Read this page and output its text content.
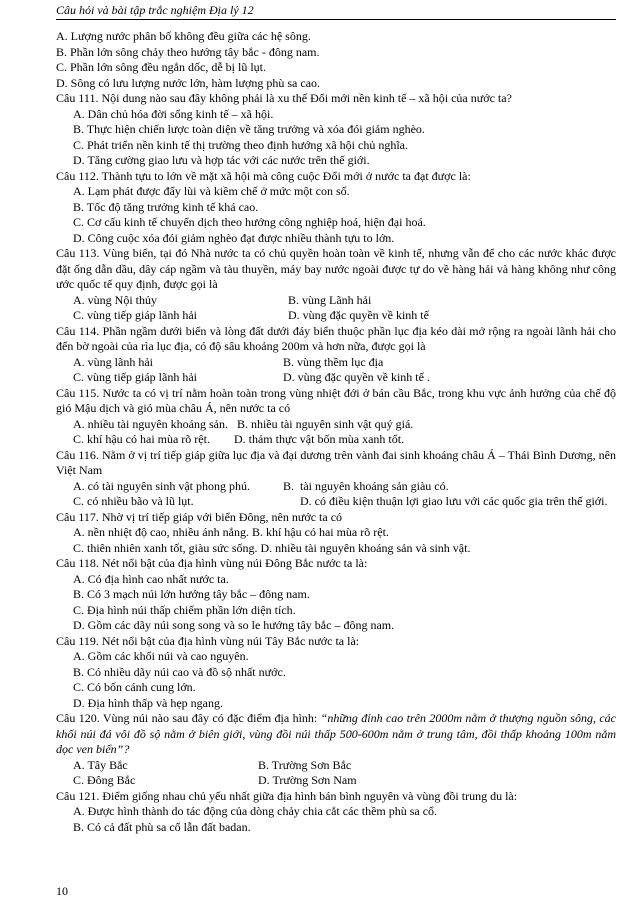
Câu hỏi và bài tập trắc nghiệm Địa lý 12
A. Lượng nước phân bố không đều giữa các hệ sông.
B. Phần lớn sông chảy theo hướng tây bắc - đông nam.
C. Phần lớn sông đều ngắn dốc, dễ bị lũ lụt.
D. Sông có lưu lượng nước lớn, hàm lượng phù sa cao.
Câu 111. Nội dung nào sau đây không phải là xu thế Đổi mới nền kinh tế – xã hội của nước ta?
A. Dân chủ hóa đời sống kinh tế – xã hội.
B. Thực hiện chiến lược toàn diện về tăng trưởng và xóa đói giảm nghèo.
C. Phát triển nền kinh tế thị trường theo định hướng xã hội chủ nghĩa.
D. Tăng cường giao lưu và hợp tác với các nước trên thế giới.
Câu 112. Thành tựu to lớn về mặt xã hội mà công cuộc Đổi mới ở nước ta đạt được là:
A. Lạm phát được đẩy lùi và kiềm chế ở mức một con số.
B. Tốc độ tăng trưởng kinh tế khá cao.
C. Cơ cấu kinh tế chuyển dịch theo hướng công nghiệp hoá, hiện đại hoá.
D. Công cuộc xóa đói giảm nghèo đạt được nhiều thành tựu to lớn.
Câu 113. Vùng biển, tại đó Nhà nước ta có chủ quyền hoàn toàn về kinh tế, nhưng vẫn để cho các nước khác được đặt ống dẫn dầu, dây cáp ngầm và tàu thuyền, máy bay nước ngoài được tự do về hàng hải và hàng không như công ước quốc tế quy định, được gọi là
A. vùng Nội thủy	B. vùng Lãnh hải
C. vùng tiếp giáp lãnh hải	D. vùng đặc quyền về kinh tế
Câu 114. Phần ngầm dưới biển và lòng đất dưới đáy biển thuộc phần lục địa kéo dài mở rộng ra ngoài lãnh hải cho đến bờ ngoài của rìa lục địa, có độ sâu khoảng 200m và hơn nữa, được gọi là
A. vùng lãnh hải	B. vùng thềm lục địa
C. vùng tiếp giáp lãnh hải	D. vùng đặc quyền về kinh tế .
Câu 115. Nước ta có vị trí nằm hoàn toàn trong vùng nhiệt đới ở bán cầu Bắc, trong khu vực ảnh hưởng của chế độ gió Mậu dịch và gió mùa châu Á, nên nước ta có
A. nhiều tài nguyên khoáng sản.   B. nhiều tài nguyên sinh vật quý giá.
C. khí hậu có hai mùa rõ rệt.        D. thảm thực vật bốn mùa xanh tốt.
Câu 116. Nằm ở vị trí tiếp giáp giữa lục địa và đại dương trên vành đai sinh khoáng châu Á – Thái Bình Dương, nên Việt Nam
A. có tài nguyên sinh vật phong phú.	B.  tài nguyên khoáng sản giàu có.
C. có nhiều bão và lũ lụt.	D. có điều kiện thuận lợi giao lưu với các quốc gia trên thế giới.
Câu 117. Nhờ vị trí tiếp giáp với biển Đông, nên nước ta có
A. nền nhiệt độ cao, nhiều ánh nắng. B. khí hậu có hai mùa rõ rệt.
C. thiên nhiên xanh tốt, giàu sức sống. D. nhiều tài nguyên khoáng sản và sinh vật.
Câu 118. Nét nổi bật của địa hình vùng núi Đông Bắc nước ta là:
A. Có địa hình cao nhất nước ta.
B. Có 3 mạch núi lớn hướng tây bắc – đông nam.
C. Địa hình núi thấp chiếm phần lớn diện tích.
D. Gồm các dãy núi song song và so le hướng tây bắc – đông nam.
Câu 119. Nét nổi bật của địa hình vùng núi Tây Bắc nước ta là:
A. Gồm các khối núi và cao nguyên.
B. Có nhiều dãy núi cao và đồ sộ nhất nước.
C. Có bốn cánh cung lớn.
D. Địa hình thấp và hẹp ngang.
Câu 120. Vùng núi nào sau đây có đặc điểm địa hình: “những đỉnh cao trên 2000m nằm ở thượng nguồn sông, các khối núi đá vôi đồ sộ nằm ở biên giới, vùng đồi núi thấp 500-600m nằm ở trung tâm, đồi thấp khoảng 100m nằm dọc ven biển”?
A. Tây Bắc	B. Trường Sơn Bắc
C. Đông Bắc	D. Trường Sơn Nam
Câu 121. Điểm giống nhau chủ yếu nhất giữa địa hình bán bình nguyên và vùng đồi trung du là:
A. Được hình thành do tác động của dòng chảy chia cắt các thềm phù sa cổ.
B. Có cả đất phù sa cổ lẫn đất badan.
10
